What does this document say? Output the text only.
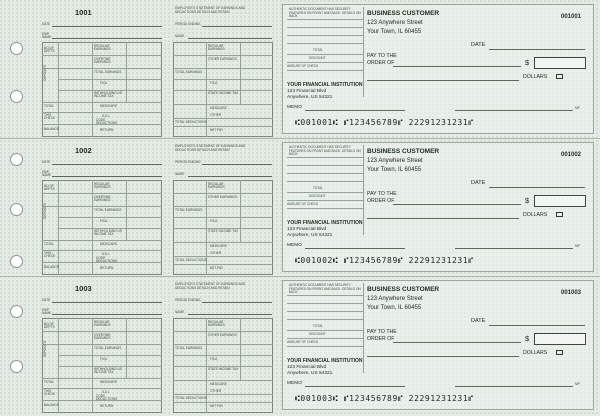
1001	EMPLOYEE'S STATEMENT OF EARNINGS AND DEDUCTIONS DETACH AND RETAIN
DATE	PERIOD ENDING
EMP NAME	NAME
NO OF DEPTS
DEPOSITS
REGULAR EARNINGS
OVERTIME EARNINGS
TOTAL EARNINGS
FICA
WITHHOLDING US INCOME TAX
MEDICARE
TOTAL
S.D.I.
THIS CHECK	CODE DEDUCTIONS
BALANCE	RETURN
REGULAR EARNINGS
OTHER EARNINGS
TOTAL EARNINGS
FICA
STATE INCOME TAX
MEDICARE
OTHER
TOTAL DEDUCTIONS
NET PAY
AUTHENTIC DOCUMENT HAS SECURITY FEATURES ON FRONT AND BACK. DETAILS ON BACK
TOTAL
DISCOUNT
AMOUNT OF CHECK
BUSINESS CUSTOMER
123 Anywhere Street
Your Town, IL 60455
001001
DATE
PAY TO THE
ORDER OF	$
DOLLARS
YOUR FINANCIAL INSTITUTION
123 Financial Blvd
Anywhere, US 54321
MEMO	MP
⑆001001⑆ ⑈123456789⑈ 22291231231⑈
1002	EMPLOYEE'S STATEMENT OF EARNINGS AND DEDUCTIONS DETACH AND RETAIN
DATE	PERIOD ENDING
EMP NAME	NAME
NO OF DEPTS
DEPOSITS
REGULAR EARNINGS
OVERTIME EARNINGS
TOTAL EARNINGS
FICA
WITHHOLDING US INCOME TAX
MEDICARE
TOTAL
S.D.I.
THIS CHECK	CODE DEDUCTIONS
BALANCE	RETURN
REGULAR EARNINGS
OTHER EARNINGS
TOTAL EARNINGS
FICA
STATE INCOME TAX
MEDICARE
OTHER
TOTAL DEDUCTIONS
NET PAY
AUTHENTIC DOCUMENT HAS SECURITY FEATURES ON FRONT AND BACK. DETAILS ON BACK
TOTAL
DISCOUNT
AMOUNT OF CHECK
BUSINESS CUSTOMER
123 Anywhere Street
Your Town, IL 60455
001002
DATE
PAY TO THE
ORDER OF	$
DOLLARS
YOUR FINANCIAL INSTITUTION
123 Financial Blvd
Anywhere, US 54321
MEMO	MP
⑆001002⑆ ⑈123456789⑈ 22291231231⑈
1003	EMPLOYEE'S STATEMENT OF EARNINGS AND DEDUCTIONS DETACH AND RETAIN
DATE	PERIOD ENDING
EMP NAME	NAME
NO OF DEPTS
DEPOSITS
REGULAR EARNINGS
OVERTIME EARNINGS
TOTAL EARNINGS
FICA
WITHHOLDING US INCOME TAX
MEDICARE
TOTAL
S.D.I.
THIS CHECK	CODE DEDUCTIONS
BALANCE	RETURN
REGULAR EARNINGS
OTHER EARNINGS
TOTAL EARNINGS
FICA
STATE INCOME TAX
MEDICARE
OTHER
TOTAL DEDUCTIONS
NET PAY
AUTHENTIC DOCUMENT HAS SECURITY FEATURES ON FRONT AND BACK. DETAILS ON BACK
TOTAL
DISCOUNT
AMOUNT OF CHECK
BUSINESS CUSTOMER
123 Anywhere Street
Your Town, IL 60455
001003
DATE
PAY TO THE
ORDER OF	$
DOLLARS
YOUR FINANCIAL INSTITUTION
123 Financial Blvd
Anywhere, US 54321
MEMO	MP
⑆001003⑆ ⑈123456789⑈ 22291231231⑈
